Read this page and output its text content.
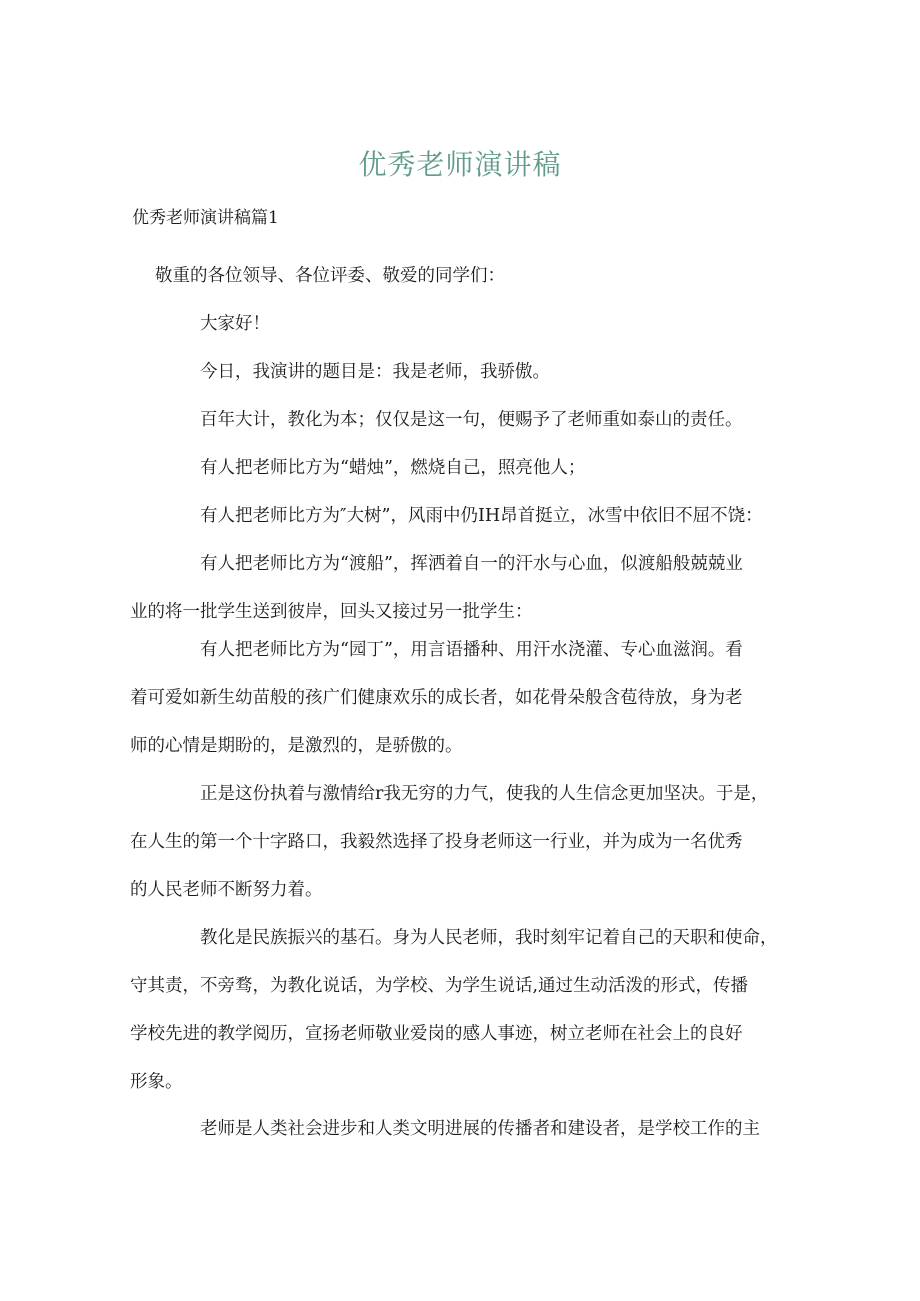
优秀老师演讲稿
优秀老师演讲稿篇1

敬重的各位领导、各位评委、敬爱的同学们：

大家好！

今日，我演讲的题目是：我是老师，我骄傲。

百年大计，教化为本；仅仅是这一句，便赐予了老师重如泰山的责任。

有人把老师比方为“蜡烛”，燃烧自己，照亮他人；

有人把老师比方为″大树”，风雨中仍IH昂首挺立，冰雪中依旧不屈不饶：

有人把老师比方为“渡船”，挥洒着自一的汗水与心血，似渡船般兢兢业
业的将一批学生送到彼岸，回头又接过另一批学生：

有人把老师比方为“园丁”，用言语播种、用汗水浇灌、专心血滋润。看
着可爱如新生幼苗般的孩广们健康欢乐的成长者，如花骨朵般含苞待放，身为老
师的心情是期盼的，是激烈的，是骄傲的。

正是这份执着与激情给r我无穷的力气，使我的人生信念更加坚决。于是，
在人生的第一个十字路口，我毅然选择了投身老师这一行业，并为成为一名优秀
的人民老师不断努力着。

教化是民族振兴的基石。身为人民老师，我时刻牢记着自己的天职和使命，
守其责，不旁骛，为教化说话，为学校、为学生说话,通过生动活泼的形式，传播
学校先进的教学阅历，宣扬老师敬业爱岗的感人事迹，树立老师在社会上的良好
形象。

老师是人类社会进步和人类文明进展的传播者和建设者，是学校工作的主
